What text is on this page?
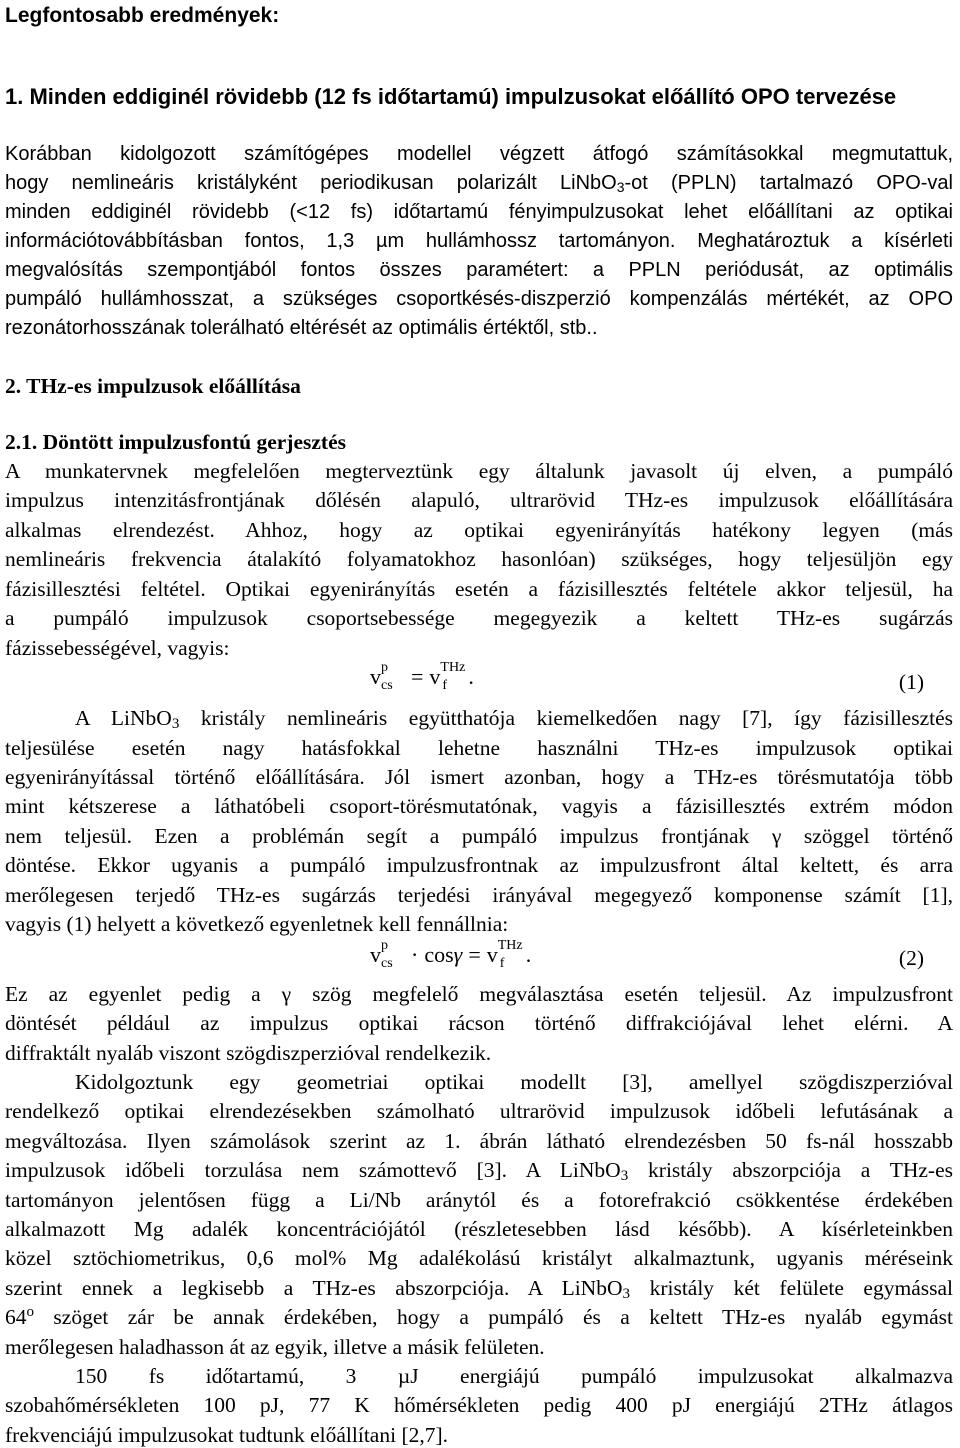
Legfontosabb eredmények:
1. Minden eddiginél rövidebb (12 fs időtartamú) impulzusokat előállító OPO tervezése
Korábban kidolgozott számítógépes modellel végzett átfogó számításokkal megmutattuk,
hogy nemlineáris kristályként periodikusan polarizált LiNbO$_3$-ot (PPLN) tartalmazó OPO-val
minden eddiginél rövidebb (<12 fs) időtartamú fényimpulzusokat lehet előállítani az optikai
információtovábbításban fontos, 1,3 µm hullámhossz tartományon. Meghatároztuk a kísérleti
megvalósítás szempontjából fontos összes paramétert: a PPLN periódusát, az optimális
pumpáló hullámhosszat, a szükséges csoportkésés-diszperzió kompenzálás mértékét, az OPO
rezonátorhosszának tolerálható eltérését az optimális értéktől, stb..
2. THz-es impulzusok előállítása
2.1. Döntött impulzusfontú gerjesztés
A munkatervnek megfelelően megterveztünk egy általunk javasolt új elven, a pumpáló
impulzus intenzitásfrontjának dőlésén alapuló, ultrarövid THz-es impulzusok előállítására
alkalmas elrendezést. Ahhoz, hogy az optikai egyenirányítás hatékony legyen (más
nemlineáris frekvencia átalakító folyamatokhoz hasonlóan) szükséges, hogy teljesüljön egy
fázisillesztési feltétel. Optikai egyenirányítás esetén a fázisillesztés feltétele akkor teljesül, ha
a pumpáló impulzusok csoportsebessége megegyezik a keltett THz-es sugárzás
fázissebességével, vagyis:
v p
cs = v THz
f .	(1)
A LiNbO$_3$ kristály nemlineáris együtthatója kiemelkedően nagy [7], így fázisillesztés
teljesülése esetén nagy hatásfokkal lehetne használni THz-es impulzusok optikai
egyenirányítással történő előállítására. Jól ismert azonban, hogy a THz-es törésmutatója több
mint kétszerese a láthatóbeli csoport-törésmutatónak, vagyis a fázisillesztés extrém módon
nem teljesül. Ezen a problémán segít a pumpáló impulzus frontjának γ szöggel történő
döntése. Ekkor ugyanis a pumpáló impulzusfrontnak az impulzusfront által keltett, és arra
merőlegesen terjedő THz-es sugárzás terjedési irányával megegyező komponense számít [1],
vagyis (1) helyett a következő egyenletnek kell fennállnia:
v p
cs · cosγ = v THz
f .	(2)
Ez az egyenlet pedig a γ szög megfelelő megválasztása esetén teljesül. Az impulzusfront
döntését például az impulzus optikai rácson történő diffrakciójával lehet elérni. A
diffraktált nyaláb viszont szögdiszperzióval rendelkezik.
Kidolgoztunk egy geometriai optikai modellt [3], amellyel szögdiszperzióval
rendelkező optikai elrendezésekben számolható ultrarövid impulzusok időbeli lefutásának a
megváltozása. Ilyen számolások szerint az 1. ábrán látható elrendezésben 50 fs-nál hosszabb
impulzusok időbeli torzulása nem számottevő [3]. A LiNbO$_3$ kristály abszorpciója a THz-es
tartományon jelentősen függ a Li/Nb aránytól és a fotorefrakció csökkentése érdekében
alkalmazott Mg adalék koncentrációjától (részletesebben lásd később). A kísérleteinkben
közel sztöchiometrikus, 0,6 mol% Mg adalékolású kristályt alkalmaztunk, ugyanis méréseink
szerint ennek a legkisebb a THz-es abszorpciója. A LiNbO$_3$ kristály két felülete egymással
64$^o$ szöget zár be annak érdekében, hogy a pumpáló és a keltett THz-es nyaláb egymást
merőlegesen haladhasson át az egyik, illetve a másik felületen.
150 fs időtartamú, 3 µJ energiájú pumpáló impulzusokat alkalmazva
szobahőmérsékleten 100 pJ, 77 K hőmérsékleten pedig 400 pJ energiájú 2THz átlagos
frekvenciájú impulzusokat tudtunk előállítani [2,7].
